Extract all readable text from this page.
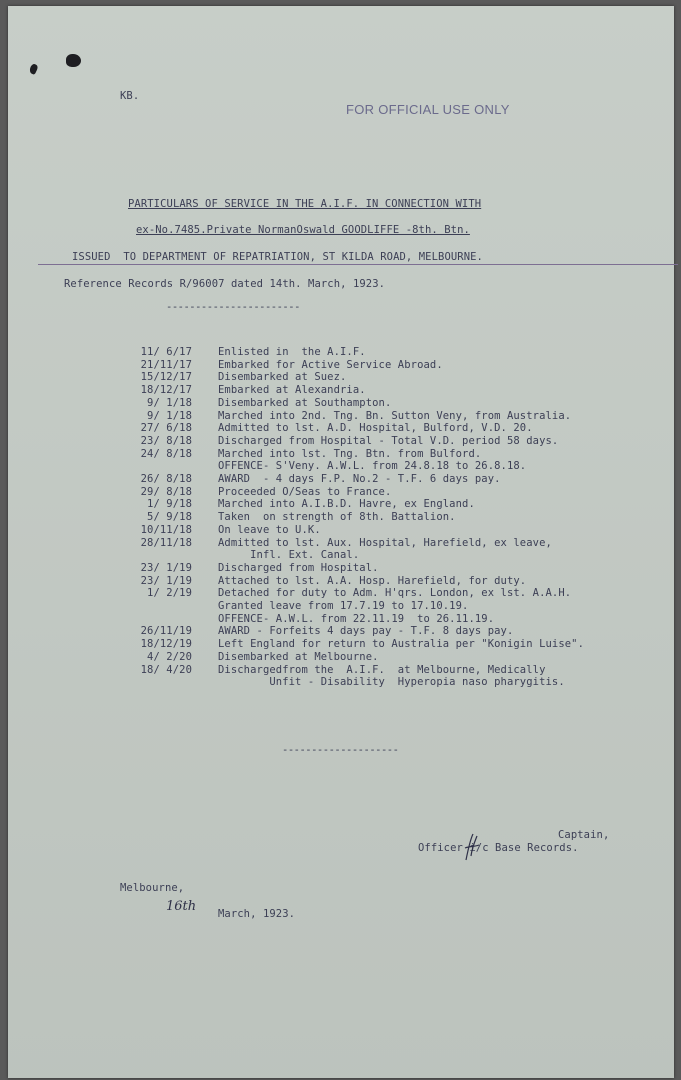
KB.
FOR OFFICIAL USE ONLY
PARTICULARS OF SERVICE IN THE A.I.F. IN CONNECTION WITH
ex-No.7485.Private NormanOswald GOODLIFFE -8th. Btn.
ISSUED  TO DEPARTMENT OF REPATRIATION, ST KILDA ROAD, MELBOURNE.
Reference Records R/96007 dated 14th. March, 1923.
-----------------------
11/ 6/17 Enlisted in  the A.I.F.
21/11/17 Embarked for Active Service Abroad.
15/12/17 Disembarked at Suez.
18/12/17 Embarked at Alexandria.
9/ 1/18 Disembarked at Southampton.
9/ 1/18 Marched into 2nd. Tng. Bn. Sutton Veny, from Australia.
27/ 6/18 Admitted to lst. A.D. Hospital, Bulford, V.D. 20.
23/ 8/18 Discharged from Hospital - Total V.D. period 58 days.
24/ 8/18 Marched into lst. Tng. Btn. from Bulford.
OFFENCE- S'Veny. A.W.L. from 24.8.18 to 26.8.18.
26/ 8/18 AWARD  - 4 days F.P. No.2 - T.F. 6 days pay.
29/ 8/18 Proceeded O/Seas to France.
1/ 9/18 Marched into A.I.B.D. Havre, ex England.
5/ 9/18 Taken  on strength of 8th. Battalion.
10/11/18 On leave to U.K.
28/11/18 Admitted to lst. Aux. Hospital, Harefield, ex leave,
Infl. Ext. Canal.
23/ 1/19 Discharged from Hospital.
23/ 1/19 Attached to lst. A.A. Hosp. Harefield, for duty.
1/ 2/19 Detached for duty to Adm. H'qrs. London, ex lst. A.A.H.
Granted leave from 17.7.19 to 17.10.19.
OFFENCE- A.W.L. from 22.11.19  to 26.11.19.
26/11/19 AWARD - Forfeits 4 days pay - T.F. 8 days pay.
18/12/19 Left England for return to Australia per "Konigin Luise".
4/ 2/20 Disembarked at Melbourne.
18/ 4/20 Dischargedfrom the  A.I.F.  at Melbourne, Medically
Unfit - Disability  Hyperopia naso pharygitis.
--------------------
Captain,
Officer i/c Base Records.
Melbourne,
16th March, 1923.
